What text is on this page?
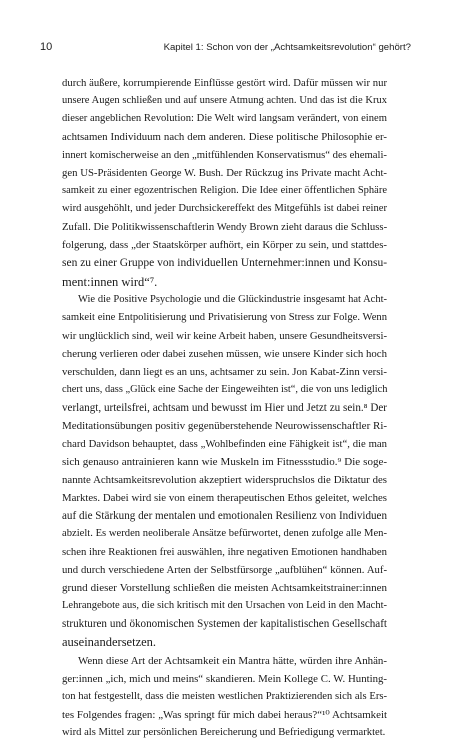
10	Kapitel 1: Schon von der „Achtsamkeitsrevolution“ gehört?
durch äußere, korrumpierende Einflüsse gestört wird. Dafür müssen wir nur
unsere Augen schließen und auf unsere Atmung achten. Und das ist die Krux
dieser angeblichen Revolution: Die Welt wird langsam verändert, von einem
achtsamen Individuum nach dem anderen. Diese politische Philosophie er-
innert komischerweise an den „mitfühlenden Konservatismus“ des ehemali-
gen US-Präsidenten George W. Bush. Der Rückzug ins Private macht Acht-
samkeit zu einer egozentrischen Religion. Die Idee einer öffentlichen Sphäre
wird ausgehöhlt, und jeder Durchsickereffekt des Mitgefühls ist dabei reiner
Zufall. Die Politikwissenschaftlerin Wendy Brown zieht daraus die Schluss-
folgerung, dass „der Staatskörper aufhört, ein Körper zu sein, und stattdes-
sen zu einer Gruppe von individuellen Unternehmer:innen und Konsu-
ment:innen wird“⁷.
Wie die Positive Psychologie und die Glückindustrie insgesamt hat Acht-
samkeit eine Entpolitisierung und Privatisierung von Stress zur Folge. Wenn
wir unglücklich sind, weil wir keine Arbeit haben, unsere Gesundheitsversi-
cherung verlieren oder dabei zusehen müssen, wie unsere Kinder sich hoch
verschulden, dann liegt es an uns, achtsamer zu sein. Jon Kabat-Zinn versi-
chert uns, dass „Glück eine Sache der Eingeweihten ist“, die von uns lediglich
verlangt, urteilsfrei, achtsam und bewusst im Hier und Jetzt zu sein.⁸ Der
Meditationsübungen positiv gegenüberstehende Neurowissenschaftler Ri-
chard Davidson behauptet, dass „Wohlbefinden eine Fähigkeit ist“, die man
sich genauso antrainieren kann wie Muskeln im Fitnessstudio.⁹ Die soge-
nannte Achtsamkeitsrevolution akzeptiert widerspruchslos die Diktatur des
Marktes. Dabei wird sie von einem therapeutischen Ethos geleitet, welches
auf die Stärkung der mentalen und emotionalen Resilienz von Individuen
abzielt. Es werden neoliberale Ansätze befürwortet, denen zufolge alle Men-
schen ihre Reaktionen frei auswählen, ihre negativen Emotionen handhaben
und durch verschiedene Arten der Selbstfürsorge „aufblühen“ können. Auf-
grund dieser Vorstellung schließen die meisten Achtsamkeitstrainer:innen
Lehrangebote aus, die sich kritisch mit den Ursachen von Leid in den Macht-
strukturen und ökonomischen Systemen der kapitalistischen Gesellschaft
auseinandersetzen.
Wenn diese Art der Achtsamkeit ein Mantra hätte, würden ihre Anhän-
ger:innen „ich, mich und meins“ skandieren. Mein Kollege C. W. Hunting-
ton hat festgestellt, dass die meisten westlichen Praktizierenden sich als Ers-
tes Folgendes fragen: „Was springt für mich dabei heraus?“¹⁰ Achtsamkeit
wird als Mittel zur persönlichen Bereicherung und Befriedigung vermarktet.
